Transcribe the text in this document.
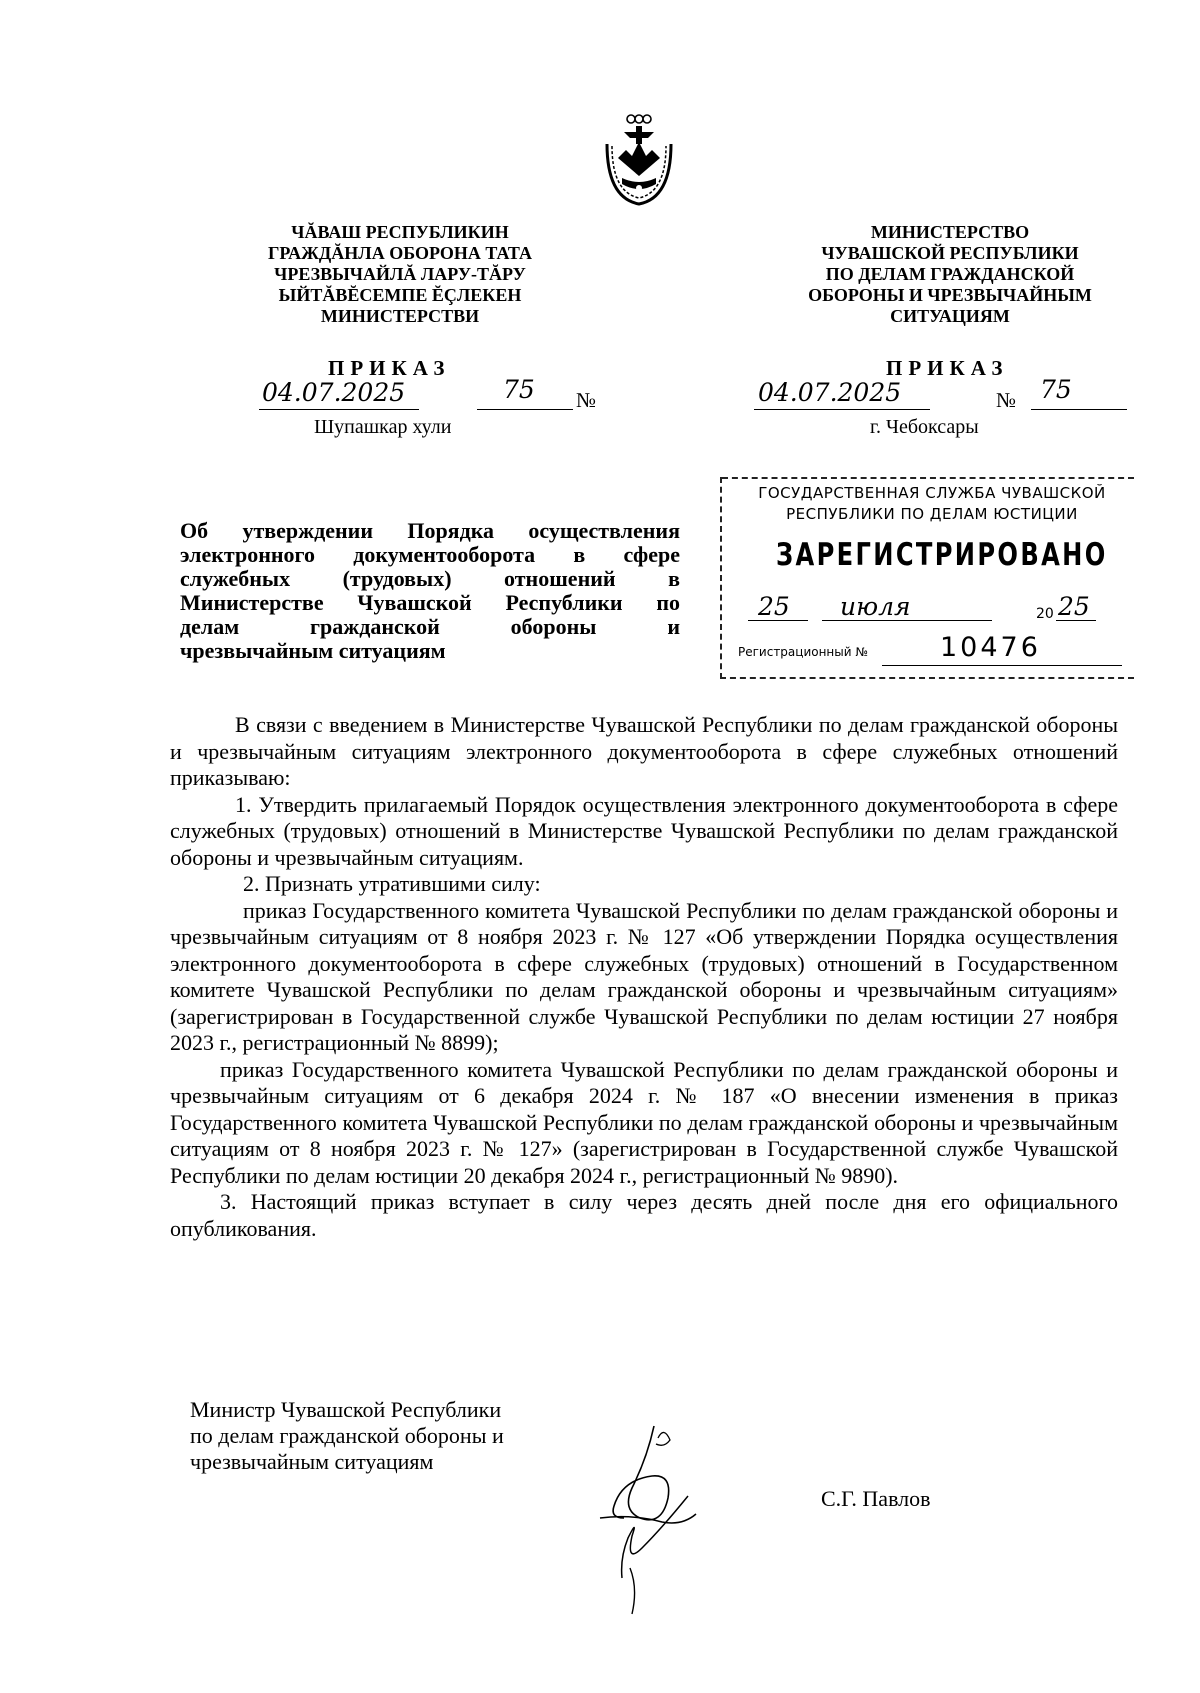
ЧĂВАШ РЕСПУБЛИКИН
ГРАЖДĂНЛА ОБОРОНА ТАТА
ЧРЕЗВЫЧАЙЛĂ ЛАРУ-ТĂРУ
ЫЙТĂВĔСЕМПЕ ĔÇЛЕКЕН
МИНИСТЕРСТВИ
МИНИСТЕРСТВО
ЧУВАШСКОЙ РЕСПУБЛИКИ
ПО ДЕЛАМ ГРАЖДАНСКОЙ
ОБОРОНЫ И ЧРЕЗВЫЧАЙНЫМ
СИТУАЦИЯМ
ПРИКАЗ
04.07.2025	75 №
Шупашкар хули
ПРИКАЗ
04.07.2025	№ 75
г. Чебоксары
ГОСУДАРСТВЕННАЯ СЛУЖБА ЧУВАШСКОЙ
РЕСПУБЛИКИ ПО ДЕЛАМ ЮСТИЦИИ
ЗАРЕГИСТРИРОВАНО
25 июля	20 25
Регистрационный №	10476
Об утверждении Порядка осуществления
электронного документооборота в сфере
служебных (трудовых) отношений в
Министерстве Чувашской Республики по
делам гражданской обороны и
чрезвычайным ситуациям

В связи с введением в Министерстве Чувашской Республики по делам гражданской обороны и чрезвычайным ситуациям электронного документооборота в сфере служебных отношений приказываю:

1. Утвердить прилагаемый Порядок осуществления электронного документооборота в сфере служебных (трудовых) отношений в Министерстве Чувашской Республики по делам гражданской обороны и чрезвычайным ситуациям.

2. Признать утратившими силу:

приказ Государственного комитета Чувашской Республики по делам гражданской обороны и чрезвычайным ситуациям от 8 ноября 2023 г. № 127 «Об утверждении Порядка осуществления электронного документооборота в сфере служебных (трудовых) отношений в Государственном комитете Чувашской Республики по делам гражданской обороны и чрезвычайным ситуациям» (зарегистрирован в Государственной службе Чувашской Республики по делам юстиции 27 ноября 2023 г., регистрационный № 8899);

приказ Государственного комитета Чувашской Республики по делам гражданской обороны и чрезвычайным ситуациям от 6 декабря 2024 г. № 187 «О внесении изменения в приказ Государственного комитета Чувашской Республики по делам гражданской обороны и чрезвычайным ситуациям от 8 ноября 2023 г. № 127» (зарегистрирован в Государственной службе Чувашской Республики по делам юстиции 20 декабря 2024 г., регистрационный № 9890).

3. Настоящий приказ вступает в силу через десять дней после дня его официального опубликования.

Министр Чувашской Республики
по делам гражданской обороны и
чрезвычайным ситуациям
С.Г. Павлов
